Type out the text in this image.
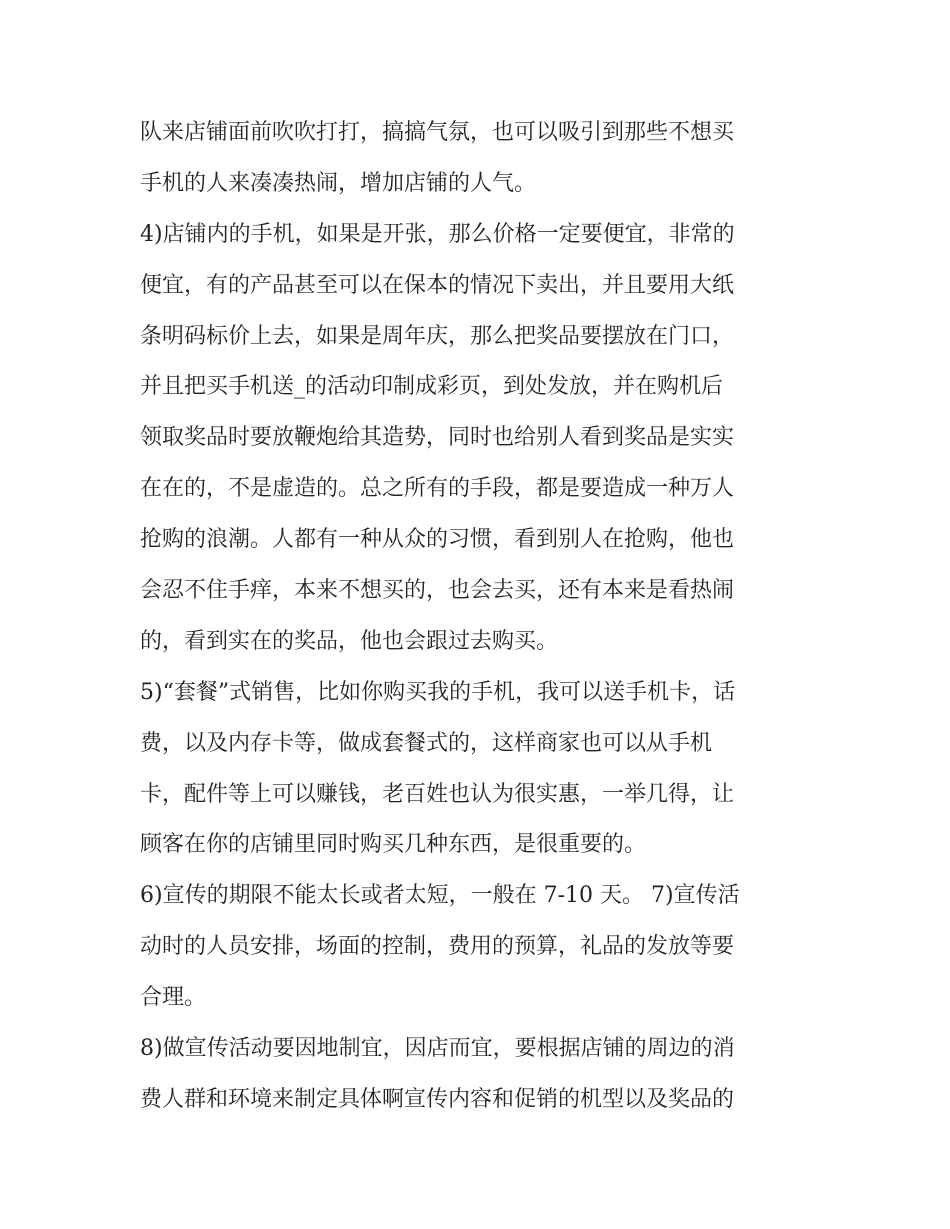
队来店铺面前吹吹打打，搞搞气氛，也可以吸引到那些不想买
手机的人来凑凑热闹，增加店铺的人气。
4)店铺内的手机，如果是开张，那么价格一定要便宜，非常的
便宜，有的产品甚至可以在保本的情况下卖出，并且要用大纸
条明码标价上去，如果是周年庆，那么把奖品要摆放在门口，
并且把买手机送_的活动印制成彩页，到处发放，并在购机后
领取奖品时要放鞭炮给其造势，同时也给别人看到奖品是实实
在在的，不是虚造的。总之所有的手段，都是要造成一种万人
抢购的浪潮。人都有一种从众的习惯，看到别人在抢购，他也
会忍不住手痒，本来不想买的，也会去买，还有本来是看热闹
的，看到实在的奖品，他也会跟过去购买。
5)“套餐”式销售，比如你购买我的手机，我可以送手机卡，话
费，以及内存卡等，做成套餐式的，这样商家也可以从手机
卡，配件等上可以赚钱，老百姓也认为很实惠，一举几得，让
顾客在你的店铺里同时购买几种东西，是很重要的。
6)宣传的期限不能太长或者太短，一般在 7-10 天。 7)宣传活
动时的人员安排，场面的控制，费用的预算，礼品的发放等要
合理。
8)做宣传活动要因地制宜，因店而宜，要根据店铺的周边的消
费人群和环境来制定具体啊宣传内容和促销的机型以及奖品的
